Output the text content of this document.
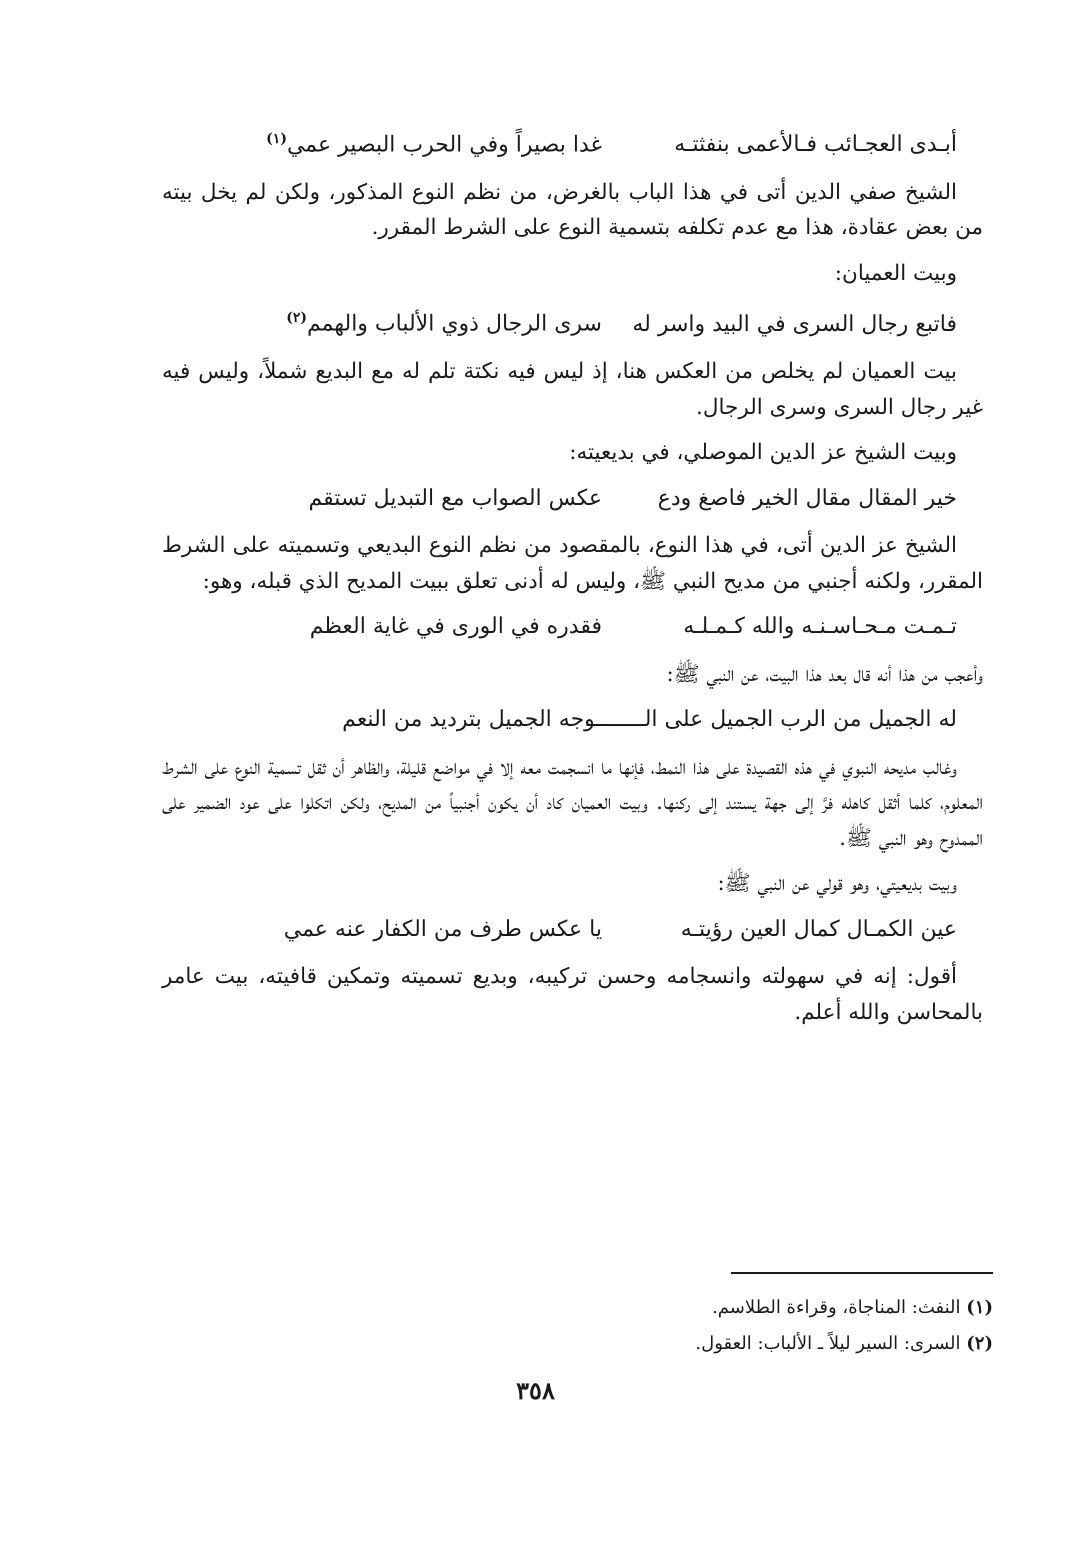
أبـدى العجـائب فـالأعمى بنفثتـه
غدا بصيراً وفي الحرب البصير عمي$^{(١)}$

الشيخ صفي الدين أتى في هذا الباب بالغرض، من نظم النوع المذكور، ولكن لم يخل بيته من بعض عقادة، هذا مع عدم تكلفه بتسمية النوع على الشرط المقرر.

وبيت العميان:

فاتبع رجال السرى في البيد واسر له
سرى الرجال ذوي الألباب والهمم$^{(٢)}$

بيت العميان لم يخلص من العكس هنا، إذ ليس فيه نكتة تلم له مع البديع شملاً، وليس فيه غير رجال السرى وسرى الرجال.

وبيت الشيخ عز الدين الموصلي، في بديعيته:

خير المقال مقال الخير فاصغ ودع
عكس الصواب مع التبديل تستقم

الشيخ عز الدين أتى، في هذا النوع، بالمقصود من نظم النوع البديعي وتسميته على الشرط المقرر، ولكنه أجنبي من مديح النبي ﷺ، وليس له أدنى تعلق ببيت المديح الذي قبله، وهو:

تـمـت مـحـاسـنـه والله كـمـلـه
فقدره في الورى في غاية العظم

وأعجب من هذا أنه قال بعد هذا البيت، عن النبي ﷺ:

له الجميل من الرب الجميل على الـــــــــ
ـوجه الجميل بترديد من النعم

وغالب مديحه النبوي في هذه القصيدة على هذا النمط، فإنها ما انسجمت معه إلا في مواضع قليلة، والظاهر أن ثقل تسمية النوع على الشرط المعلوم، كلما أثقل كاهله فرَّ إلى جهة يستند إلى ركنها. وبيت العميان كاد أن يكون أجنبياً من المديح، ولكن اتكلوا على عود الضمير على الممدوح وهو النبي ﷺ.

وبيت بديعيتي، وهو قولي عن النبي ﷺ:

عين الكمـال كمال العين رؤيتـه
يا عكس طرف من الكفار عنه عمي

أقول: إنه في سهولته وانسجامه وحسن تركيبه، وبديع تسميته وتمكين قافيته، بيت عامر بالمحاسن والله أعلم.

(١) النفث: المناجاة، وقراءة الطلاسم.

(٢) السرى: السير ليلاً ـ الألباب: العقول.

٣٥٨
